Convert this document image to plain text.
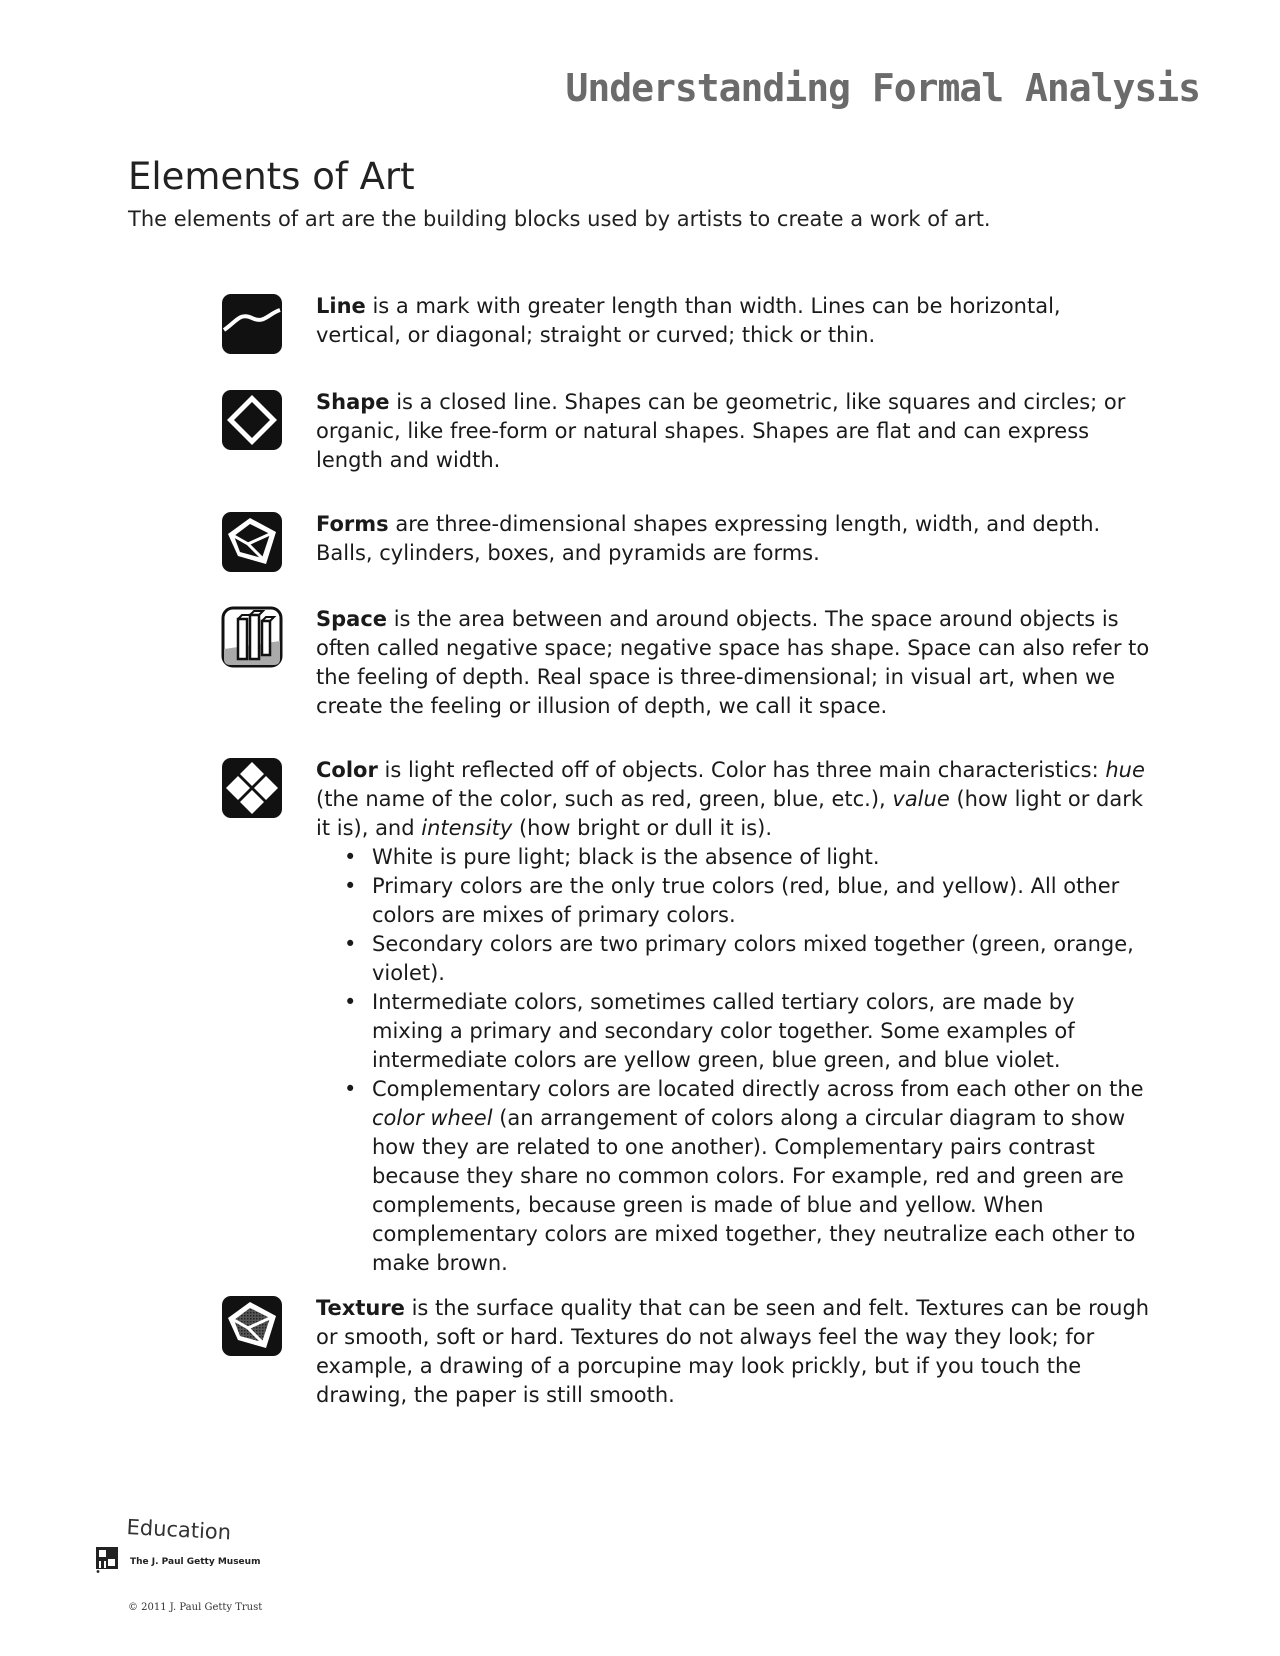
Understanding Formal Analysis
Elements of Art
The elements of art are the building blocks used by artists to create a work of art.
Line is a mark with greater length than width. Lines can be horizontal, vertical, or diagonal; straight or curved; thick or thin.
Shape is a closed line. Shapes can be geometric, like squares and circles; or organic, like free-form or natural shapes. Shapes are flat and can express length and width.
Forms are three-dimensional shapes expressing length, width, and depth. Balls, cylinders, boxes, and pyramids are forms.
Space is the area between and around objects. The space around objects is often called negative space; negative space has shape. Space can also refer to the feeling of depth. Real space is three-dimensional; in visual art, when we create the feeling or illusion of depth, we call it space.
Color is light reflected off of objects. Color has three main characteristics: hue (the name of the color, such as red, green, blue, etc.), value (how light or dark it is), and intensity (how bright or dull it is).
• White is pure light; black is the absence of light.
• Primary colors are the only true colors (red, blue, and yellow). All other colors are mixes of primary colors.
• Secondary colors are two primary colors mixed together (green, orange, violet).
• Intermediate colors, sometimes called tertiary colors, are made by mixing a primary and secondary color together. Some examples of intermediate colors are yellow green, blue green, and blue violet.
• Complementary colors are located directly across from each other on the color wheel (an arrangement of colors along a circular diagram to show how they are related to one another). Complementary pairs contrast because they share no common colors. For example, red and green are complements, because green is made of blue and yellow. When complementary colors are mixed together, they neutralize each other to make brown.
Texture is the surface quality that can be seen and felt. Textures can be rough or smooth, soft or hard. Textures do not always feel the way they look; for example, a drawing of a porcupine may look prickly, but if you touch the drawing, the paper is still smooth.
Education
The J. Paul Getty Museum
© 2011 J. Paul Getty Trust
